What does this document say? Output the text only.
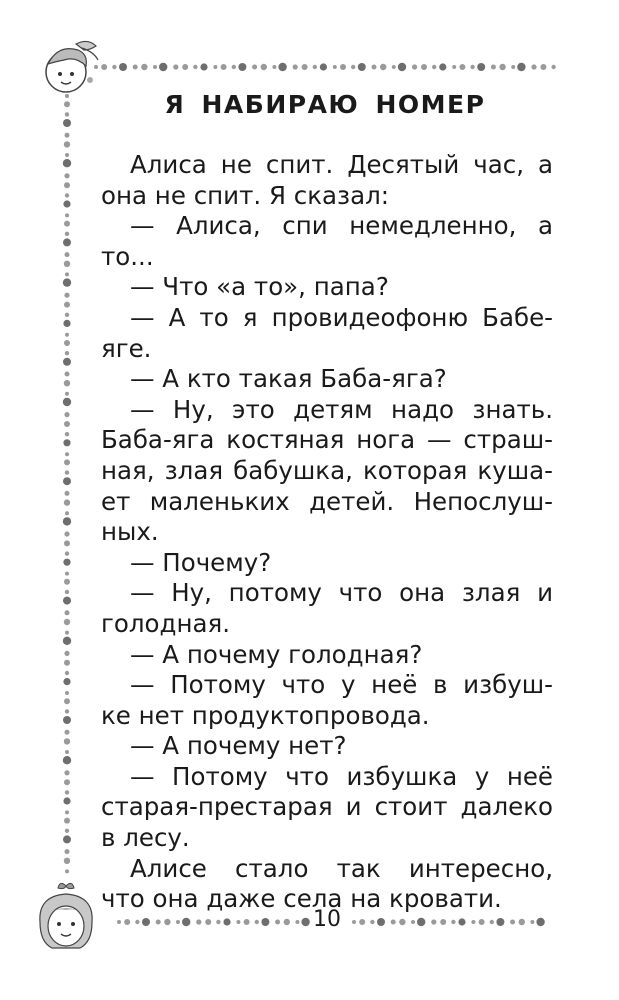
Я НАБИРАЮ НОМЕР
Алиса не спит. Десятый час, а
она не спит. Я сказал:
— Алиса, спи немедленно, а
то...
— Что «а то», папа?
— А то я провидеофоню Бабе-
яге.
— А кто такая Баба-яга?
— Ну, это детям надо знать.
Баба-яга костяная нога — страш-
ная, злая бабушка, которая куша-
ет маленьких детей. Непослуш-
ных.
— Почему?
— Ну, потому что она злая и
голодная.
— А почему голодная?
— Потому что у неё в избуш-
ке нет продуктопровода.
— А почему нет?
— Потому что избушка у неё
старая-престарая и стоит далеко
в лесу.
Алисе стало так интересно,
что она даже села на кровати.
10
